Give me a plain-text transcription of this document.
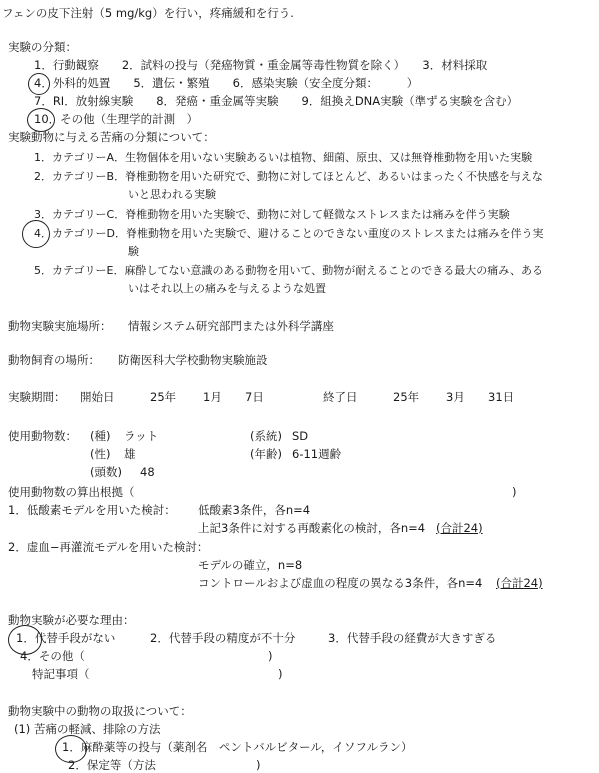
フェンの皮下注射（5 mg/kg）を行い，疼痛緩和を行う.
実験の分類：
1．行動観察　　2．試料の投与（発癌物質・重金属等毒性物質を除く）　　3．材料採取
4．外科的処置　　5．遺伝・繁殖　　6．感染実験（安全度分類：　　　）
7．RI．放射線実験　　8．発癌・重金属等実験　　9．組換えDNA実験（準ずる実験を含む）
10．その他（生理学的計測　）
実験動物に与える苦痛の分類について：
1．カテゴリーA．生物個体を用いない実験あるいは植物、細菌、原虫、又は無脊椎動物を用いた実験
2．カテゴリーB．脊椎動物を用いた研究で、動物に対してほとんど、あるいはまったく不快感を与えな
いと思われる実験
3．カテゴリーC．脊椎動物を用いた実験で、動物に対して軽微なストレスまたは痛みを伴う実験
4．カテゴリーD．脊椎動物を用いた実験で、避けることのできない重度のストレスまたは痛みを伴う実
験
5．カテゴリーE．麻酔してない意識のある動物を用いて、動物が耐えることのできる最大の痛み、ある
いはそれ以上の痛みを与えるような処置
動物実験実施場所： 情報システム研究部門または外科学講座
動物飼育の場所： 防衛医科大学校動物実験施設
実験期間： 開始日	25年 1月 7日	終了日	25年 3月 31日
使用動物数： (種) ラット	(系統) SD
(性) 雄	(年齢) 6-11週齢
(頭数) 48
使用動物数の算出根拠（	)
1．低酸素モデルを用いた検討： 低酸素3条件，各n=4
上記3条件に対する再酸素化の検討，各n=4 (合計24)
2．虚血−再灌流モデルを用いた検討：
モデルの確立，n=8
コントロールおよび虚血の程度の異なる3条件，各n=4 (合計24)
動物実験が必要な理由：
1．代替手段がない	2．代替手段の精度が不十分	3．代替手段の経費が大きすぎる
4．その他（	)
特記事項（	)
動物実験中の動物の取扱について：
(1) 苦痛の軽減、排除の方法
1．麻酔薬等の投与（薬剤名　ペントバルビタール，イソフルラン）
2．保定等（方法	)
